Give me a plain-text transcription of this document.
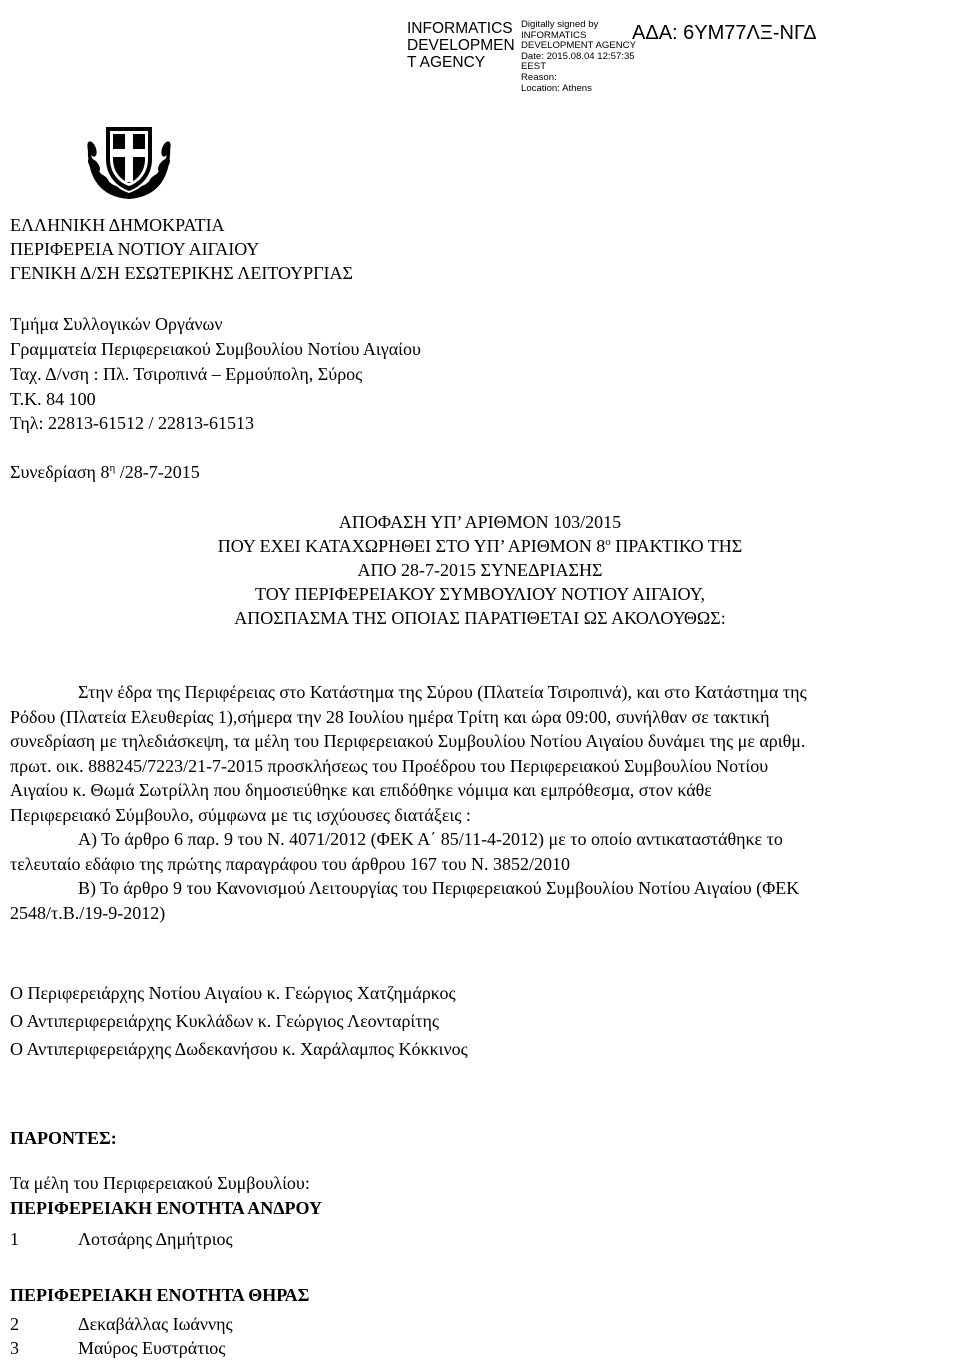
INFORMATICS
DEVELOPMEN
T AGENCY
Digitally signed by
INFORMATICS
DEVELOPMENT AGENCY
Date: 2015.08.04 12:57:35
EEST
Reason:
Location: Athens
ΑΔΑ: 6ΥΜ77ΛΞ-ΝΓΔ
ΕΛΛΗΝΙΚΗ ΔΗΜΟΚΡΑΤΙΑ
ΠΕΡΙΦΕΡΕΙΑ ΝΟΤΙΟΥ ΑΙΓΑΙΟΥ
ΓΕΝΙΚΗ Δ/ΣΗ ΕΣΩΤΕΡΙΚΗΣ ΛΕΙΤΟΥΡΓΙΑΣ
Τμήμα Συλλογικών Οργάνων
Γραμματεία Περιφερειακού Συμβουλίου Νοτίου Αιγαίου
Ταχ. Δ/νση : Πλ. Τσιροπινά – Ερμούπολη, Σύρος
Τ.Κ. 84 100
Τηλ: 22813-61512 / 22813-61513
Συνεδρίαση $8^\eta$ /28-7-2015
ΑΠΟΦΑΣΗ ΥΠ’ ΑΡΙΘΜΟΝ 103/2015
ΠΟΥ ΕΧΕΙ ΚΑΤΑΧΩΡΗΘΕΙ ΣΤΟ ΥΠ’ ΑΡΙΘΜΟΝ $8^o$ ΠΡΑΚΤΙΚΟ ΤΗΣ
ΑΠΟ 28-7-2015 ΣΥΝΕΔΡΙΑΣΗΣ
ΤΟΥ ΠΕΡΙΦΕΡΕΙΑΚΟΥ ΣΥΜΒΟΥΛΙΟΥ ΝΟΤΙΟΥ ΑΙΓΑΙΟΥ,
ΑΠΟΣΠΑΣΜΑ ΤΗΣ ΟΠΟΙΑΣ ΠΑΡΑΤΙΘΕΤΑΙ ΩΣ ΑΚΟΛΟΥΘΩΣ:
Στην έδρα της Περιφέρειας στο Κατάστημα της Σύρου (Πλατεία Τσιροπινά), και στο Κατάστημα της
Ρόδου (Πλατεία Ελευθερίας 1),σήμερα την 28 Ιουλίου ημέρα Τρίτη και ώρα 09:00, συνήλθαν σε τακτική
συνεδρίαση με τηλεδιάσκεψη, τα μέλη του Περιφερειακού Συμβουλίου Νοτίου Αιγαίου δυνάμει της με αριθμ.
πρωτ. οικ. 888245/7223/21-7-2015 προσκλήσεως του Προέδρου του Περιφερειακού Συμβουλίου Νοτίου
Αιγαίου κ. Θωμά Σωτρίλλη που δημοσιεύθηκε και επιδόθηκε νόμιμα και εμπρόθεσμα, στον κάθε
Περιφερειακό Σύμβουλο, σύμφωνα με τις ισχύουσες διατάξεις :
Α) Το άρθρο 6 παρ. 9 του Ν. 4071/2012 (ΦΕΚ Α΄ 85/11-4-2012) με το οποίο αντικαταστάθηκε το
τελευταίο εδάφιο της πρώτης παραγράφου του άρθρου 167 του Ν. 3852/2010
Β) Το άρθρο 9 του Κανονισμού Λειτουργίας του Περιφερειακού Συμβουλίου Νοτίου Αιγαίου (ΦΕΚ
2548/τ.Β./19-9-2012)
Ο Περιφερειάρχης Νοτίου Αιγαίου κ. Γεώργιος Χατζημάρκος
Ο Αντιπεριφερειάρχης Κυκλάδων κ. Γεώργιος Λεονταρίτης
Ο Αντιπεριφερειάρχης Δωδεκανήσου κ. Χαράλαμπος Κόκκινος
ΠΑΡΟΝΤΕΣ:
Τα μέλη του Περιφερειακού Συμβουλίου:
ΠΕΡΙΦΕΡΕΙΑΚΗ ΕΝΟΤΗΤΑ ΑΝΔΡΟΥ
1	Λοτσάρης Δημήτριος
ΠΕΡΙΦΕΡΕΙΑΚΗ ΕΝΟΤΗΤΑ ΘΗΡΑΣ
2	Δεκαβάλλας Ιωάννης
3	Μαύρος Ευστράτιος
